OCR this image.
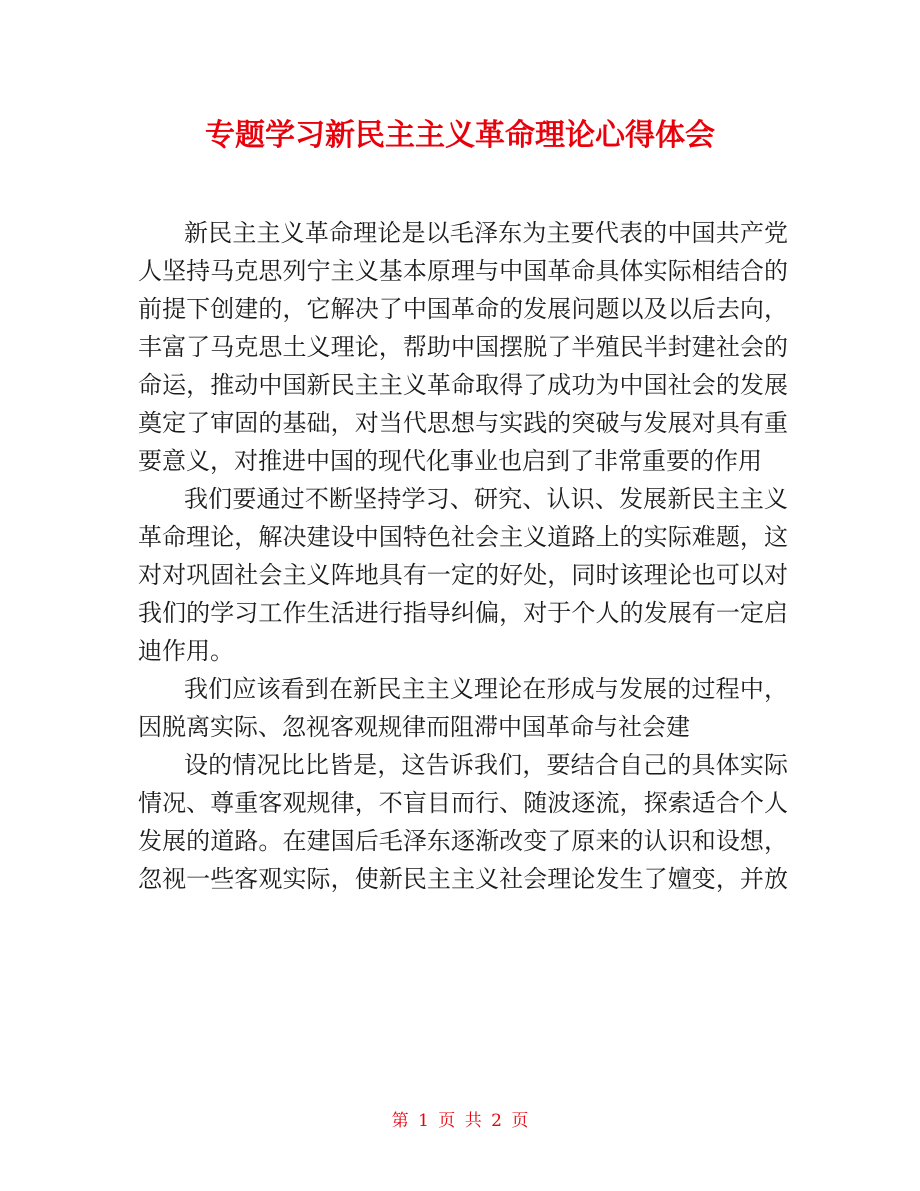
专题学习新民主主义革命理论心得体会
新民主主义革命理论是以毛泽东为主要代表的中国共产党
人坚持马克思列宁主义基本原理与中国革命具体实际相结合的
前提下创建的，它解决了中国革命的发展问题以及以后去向，
丰富了马克思土义理论，帮助中国摆脱了半殖民半封建社会的
命运，推动中国新民主主义革命取得了成功为中国社会的发展
奠定了审固的基础，对当代思想与实践的突破与发展对具有重
要意义，对推进中国的现代化事业也启到了非常重要的作用
我们要通过不断坚持学习、研究、认识、发展新民主主义
革命理论，解决建设中国特色社会主义道路上的实际难题，这
对对巩固社会主义阵地具有一定的好处，同时该理论也可以对
我们的学习工作生活进行指导纠偏，对于个人的发展有一定启
迪作用。
我们应该看到在新民主主义理论在形成与发展的过程中，
因脱离实际、忽视客观规律而阻滞中国革命与社会建
设的情况比比皆是，这告诉我们，要结合自己的具体实际
情况、尊重客观规律，不盲目而行、随波逐流，探索适合个人
发展的道路。在建国后毛泽东逐渐改变了原来的认识和设想，
忽视一些客观实际，使新民主主义社会理论发生了嬗变，并放
第 1 页 共 2 页
